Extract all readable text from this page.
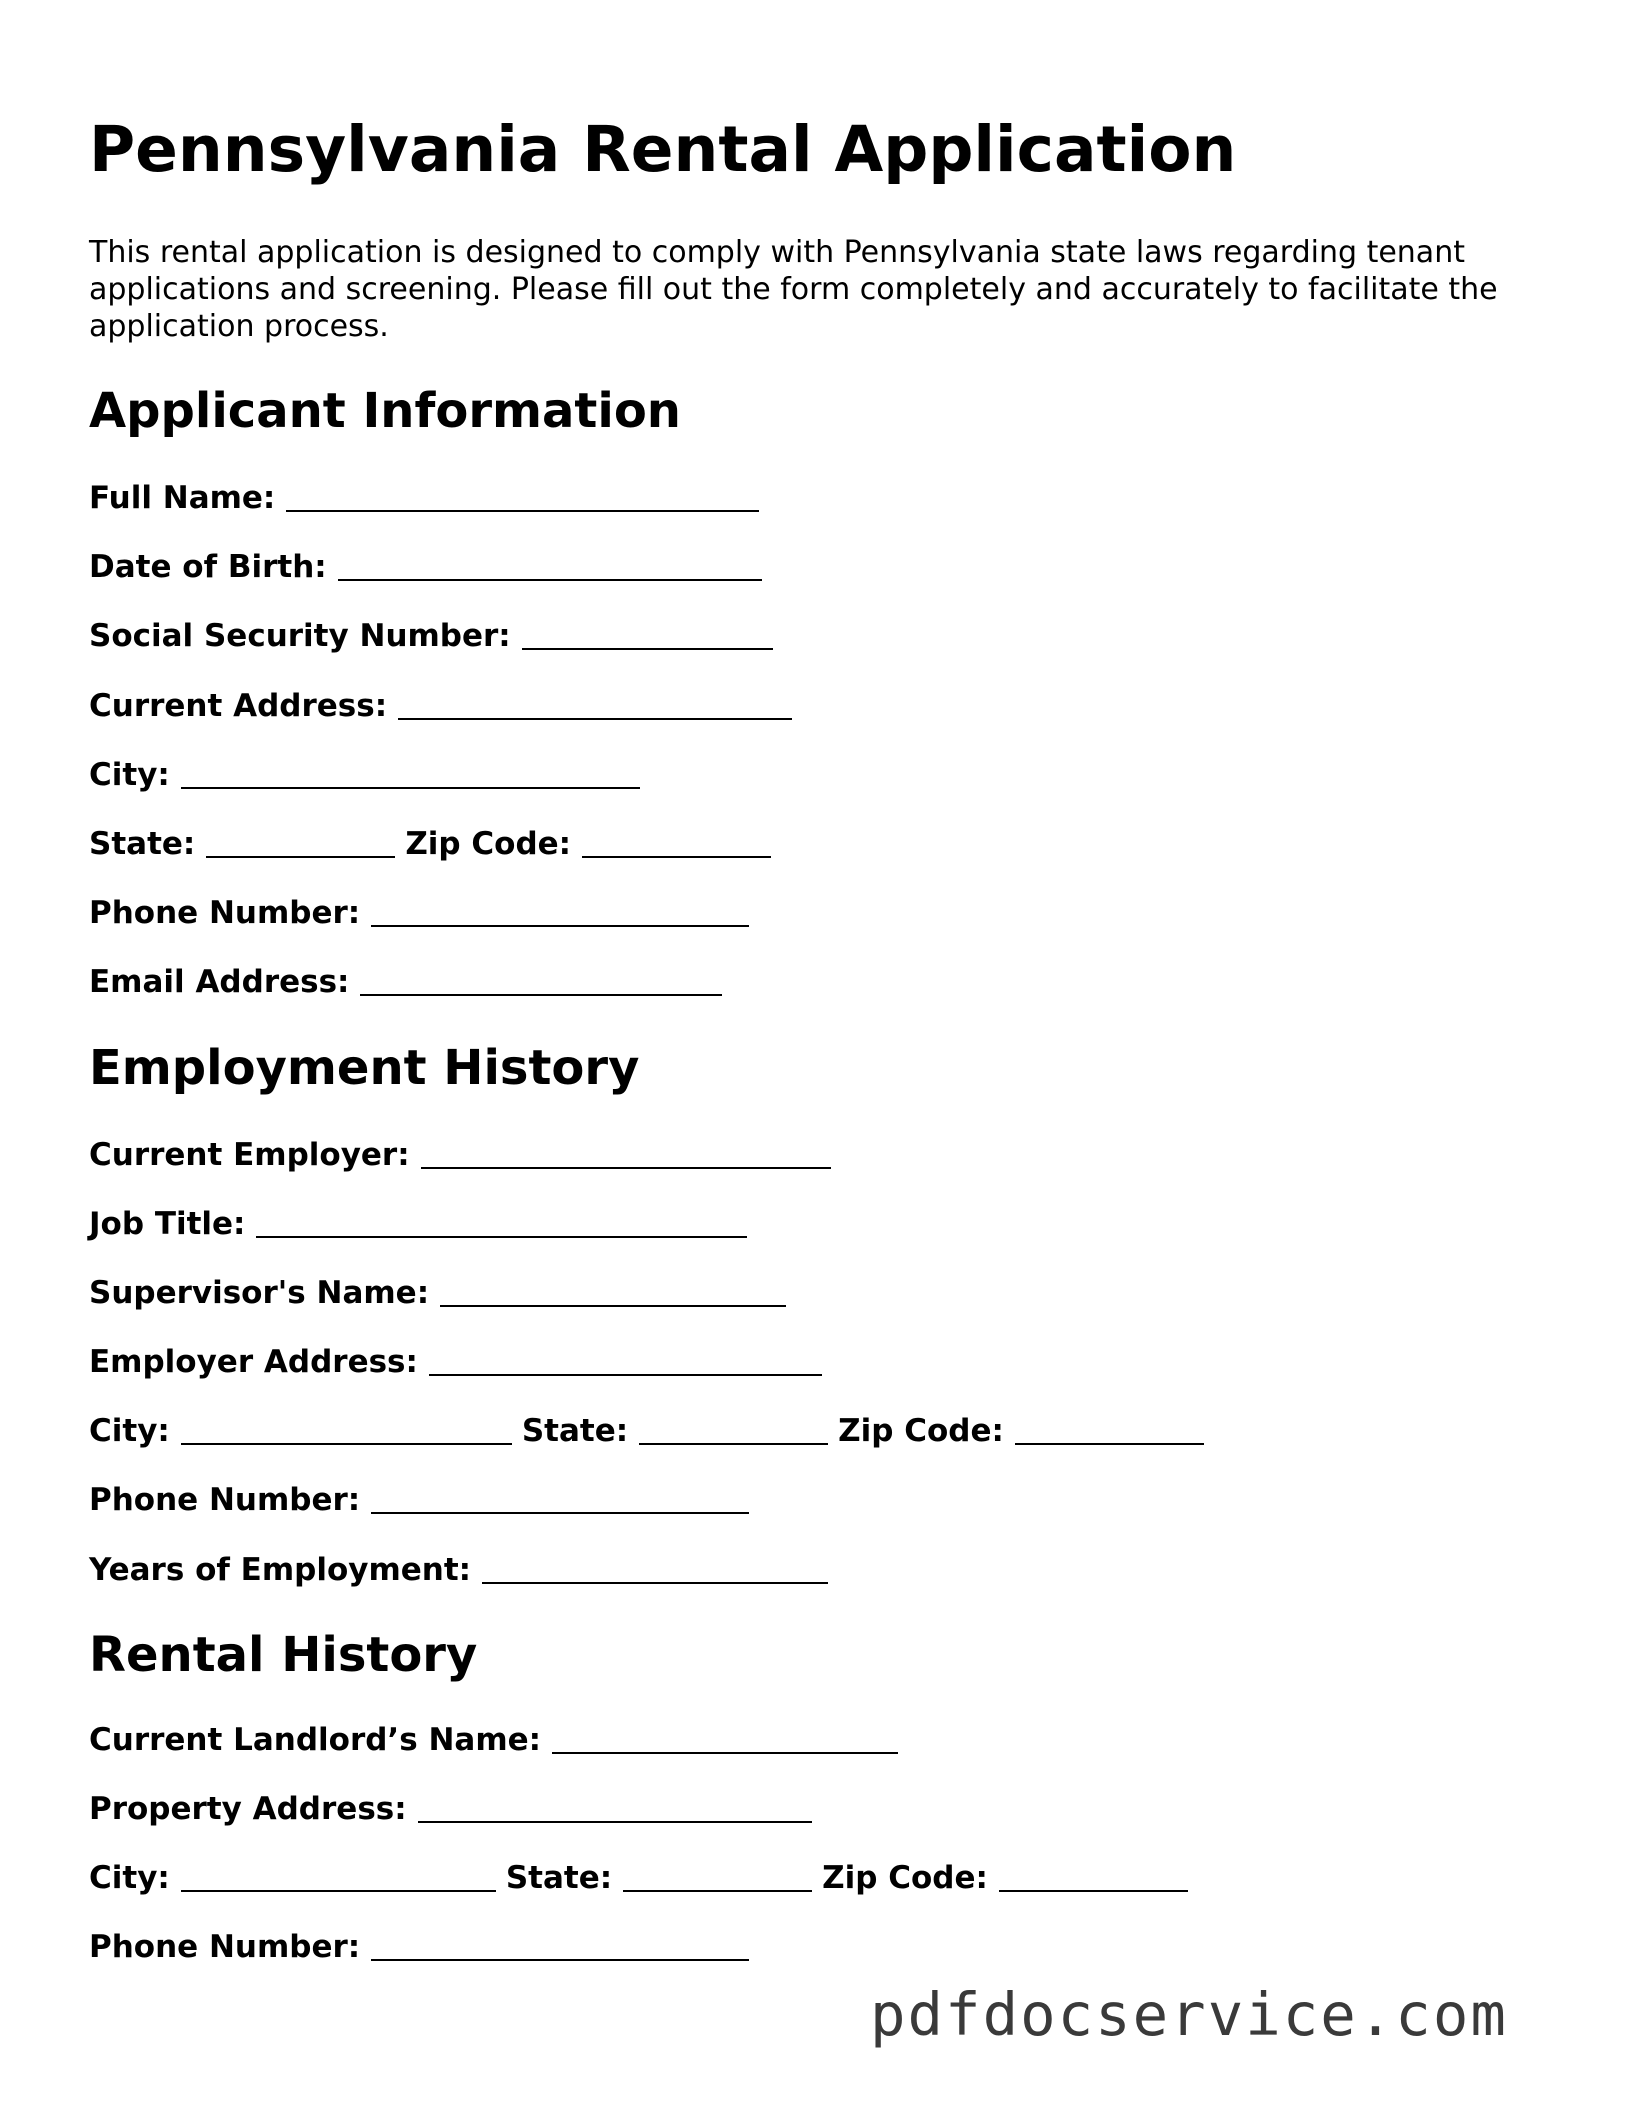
Pennsylvania Rental Application
This rental application is designed to comply with Pennsylvania state laws regarding tenant applications and screening. Please fill out the form completely and accurately to facilitate the application process.
Applicant Information
Full Name:
Date of Birth:
Social Security Number:
Current Address:
City:
State:	Zip Code:
Phone Number:
Email Address:
Employment History
Current Employer:
Job Title:
Supervisor's Name:
Employer Address:
City:	State:	Zip Code:
Phone Number:
Years of Employment:
Rental History
Current Landlord’s Name:
Property Address:
City:	State:	Zip Code:
Phone Number:
pdfdocservice.com
